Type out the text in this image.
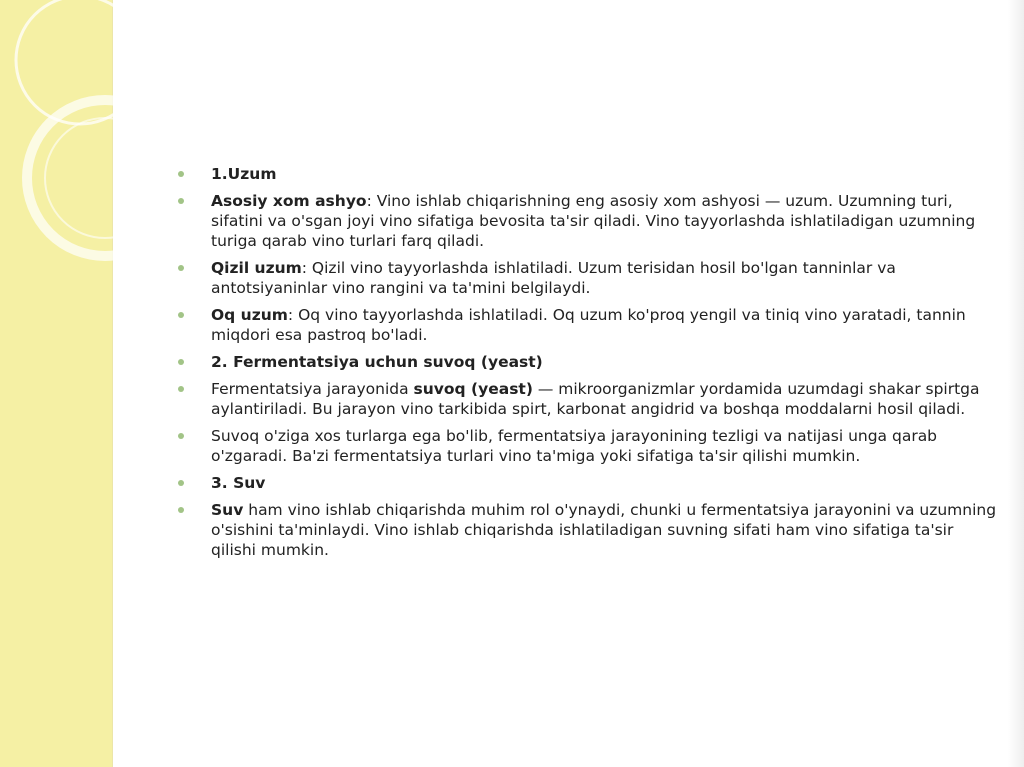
1.Uzum
Asosiy xom ashyo: Vino ishlab chiqarishning eng asosiy xom ashyosi — uzum. Uzumning turi, sifatini va o'sgan joyi vino sifatiga bevosita ta'sir qiladi. Vino tayyorlashda ishlatiladigan uzumning turiga qarab vino turlari farq qiladi.
Qizil uzum: Qizil vino tayyorlashda ishlatiladi. Uzum terisidan hosil bo'lgan tanninlar va antotsiyaninlar vino rangini va ta'mini belgilaydi.
Oq uzum: Oq vino tayyorlashda ishlatiladi. Oq uzum ko'proq yengil va tiniq vino yaratadi, tannin miqdori esa pastroq bo'ladi.
2. Fermentatsiya uchun suvoq (yeast)
Fermentatsiya jarayonida suvoq (yeast) — mikroorganizmlar yordamida uzumdagi shakar spirtga aylantiriladi. Bu jarayon vino tarkibida spirt, karbonat angidrid va boshqa moddalarni hosil qiladi.
Suvoq o'ziga xos turlarga ega bo'lib, fermentatsiya jarayonining tezligi va natijasi unga qarab o'zgaradi. Ba'zi fermentatsiya turlari vino ta'miga yoki sifatiga ta'sir qilishi mumkin.
3. Suv
Suv ham vino ishlab chiqarishda muhim rol o'ynaydi, chunki u fermentatsiya jarayonini va uzumning o'sishini ta'minlaydi. Vino ishlab chiqarishda ishlatiladigan suvning sifati ham vino sifatiga ta'sir qilishi mumkin.
